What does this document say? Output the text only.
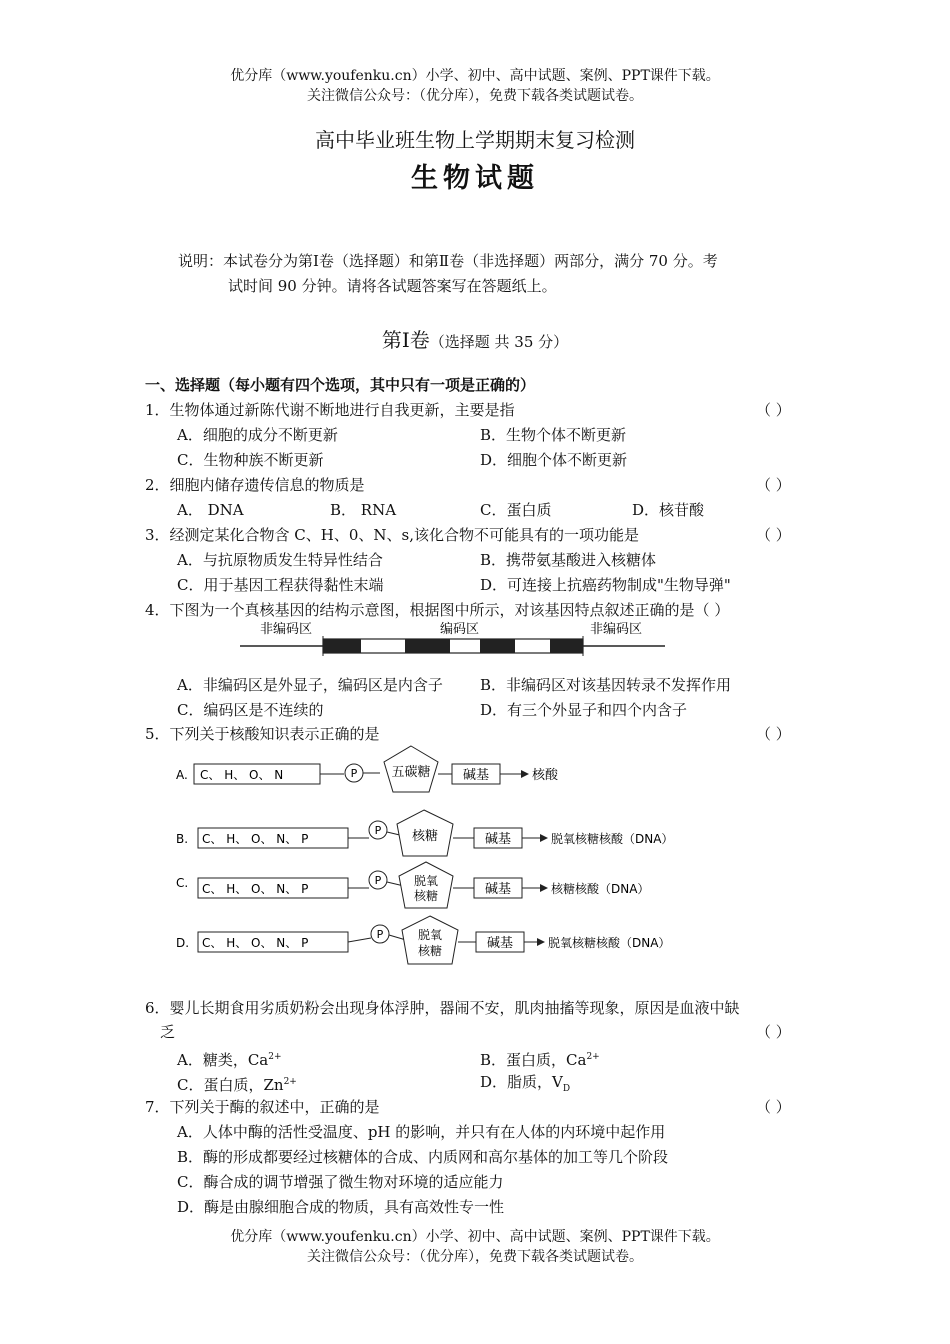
优分库（www.youfenku.cn）小学、初中、高中试题、案例、PPT课件下载。
关注微信公众号：（优分库），免费下载各类试题试卷。
高中毕业班生物上学期期末复习检测
生物试题
说明：本试卷分为第Ⅰ卷（选择题）和第Ⅱ卷（非选择题）两部分，满分 70 分。考
试时间 90 分钟。请将各试题答案写在答题纸上。
第Ⅰ卷（选择题 共 35 分）
一、选择题（每小题有四个选项，其中只有一项是正确的）
1．生物体通过新陈代谢不断地进行自我更新，主要是指	（ ）
A．细胞的成分不断更新	B．生物个体不断更新
C．生物种族不断更新	D．细胞个体不断更新
2．细胞内储存遗传信息的物质是	（ ）
A． DNA	B． RNA	C．蛋白质	D．核苷酸
3．经测定某化合物含 C、H、0、N、s,该化合物不可能具有的一项功能是	（ ）
A．与抗原物质发生特异性结合	B．携带氨基酸进入核糖体
C．用于基因工程获得黏性末端	D．可连接上抗癌药物制成"生物导弹"
4．下图为一个真核基因的结构示意图，根据图中所示，对该基因特点叙述正确的是（ ）
非编码区	编码区	非编码区
A．非编码区是外显子，编码区是内含子 B．非编码区对该基因转录不发挥作用
C．编码区是不连续的	D．有三个外显子和四个内含子
5．下列关于核酸知识表示正确的是	（ ）
A. C、 H、 O、 N	P	五碳糖 碱基	核酸
B. C、 H、 O、 N、 P
P 核糖	碱基	脱氧核糖核酸（DNA）
C. C、 H、 O、 N、 P
P	脱氧
核糖	碱基	核糖核酸（DNA）
D. C、 H、 O、 N、 P
P	脱氧
核糖	碱基	脱氧核糖核酸（DNA）
6．婴儿长期食用劣质奶粉会出现身体浮肿，器闹不安，肌肉抽搐等现象，原因是血液中缺
乏	（ ）
A．糖类，$Ca^{2+}$	B．蛋白质，$Ca^{2+}$
C．蛋白质，$Zn^{2+}$	D．脂质，$V_D$
7．下列关于酶的叙述中，正确的是	（ ）
A．人体中酶的活性受温度、pH 的影响，并只有在人体的内环境中起作用
B．酶的形成都要经过核糖体的合成、内质网和高尔基体的加工等几个阶段
C．酶合成的调节增强了微生物对环境的适应能力
D．酶是由腺细胞合成的物质，具有高效性专一性
优分库（www.youfenku.cn）小学、初中、高中试题、案例、PPT课件下载。
关注微信公众号：（优分库），免费下载各类试题试卷。
